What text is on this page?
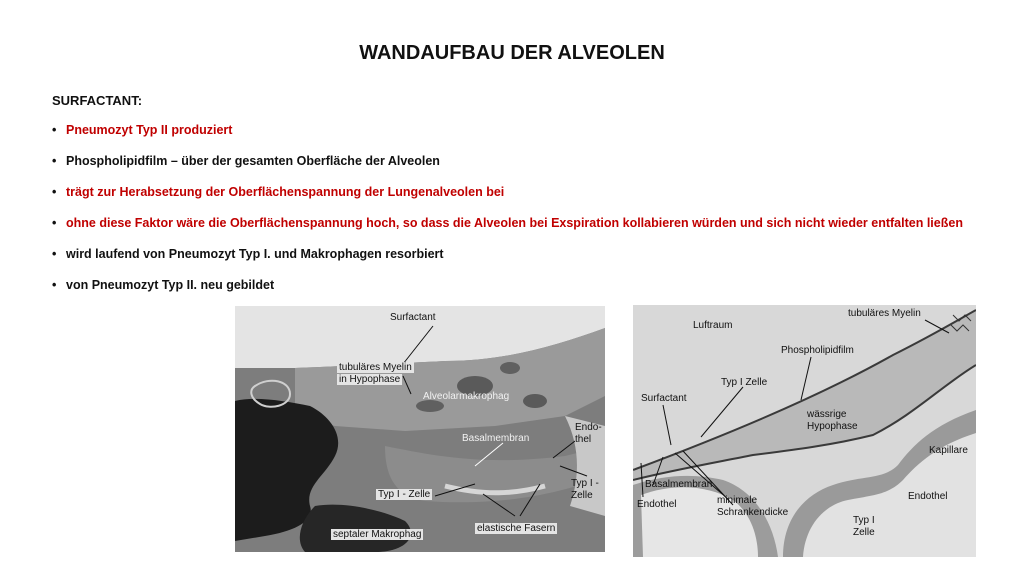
WANDAUFBAU DER ALVEOLEN
SURFACTANT:
• Pneumozyt Typ II produziert
• Phospholipidfilm – über der gesamten Oberfläche der Alveolen
• trägt zur Herabsetzung der Oberflächenspannung der Lungenalveolen bei
• ohne diese Faktor wäre die Oberflächenspannung hoch, so dass die Alveolen bei Exspiration kollabieren würden und sich nicht wieder entfalten ließen
• wird laufend von Pneumozyt Typ I. und Makrophagen resorbiert
• von Pneumozyt Typ II. neu gebildet
Surfactant
tubuläres Myelin
in Hypophase
Alveolarmakrophag
Endo-
thel
Basalmembran
Typ I -
Zelle
Typ I - Zelle
elastische Fasern
septaler Makrophag
Luftraum
tubuläres Myelin
Phospholipidfilm
Typ I Zelle
Surfactant
wässrige
Hypophase
Kapillare
Basalmembran
Endothel	minimale
Schrankendicke
Endothel
Typ I
Zelle
